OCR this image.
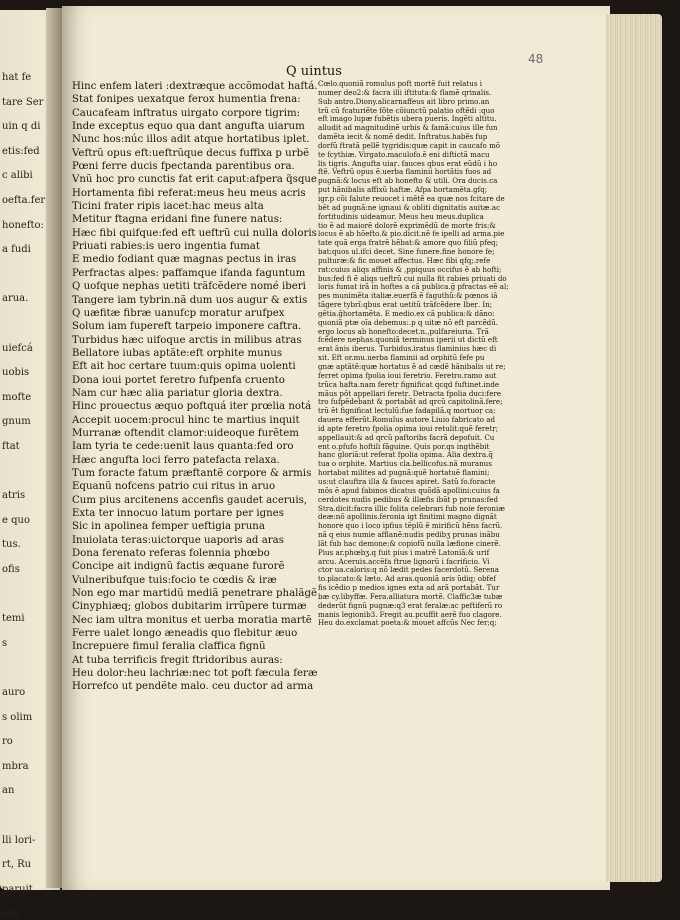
hat fe
tare Ser
uin q di
etis:fed
c alibi
oefta.fer
honefto:
a fudi
arua.
uiefcá
uobis
mofte
gnum
ftat
atris
e quo
tus.
ofis
temi
s
auro
s olim
ro
mbra
an
lli lori-
rt, Ru
paruit
ulii.
48
Q uintus
Hinc enfem lateri :dextræque accõmodat haftá.
Stat fonipes uexatque ferox humentia frena:
Caucafeam inftratus uirgato corpore tigrim:
Inde exceptus equo qua dant angufta uiarum
Nunc hos:núc illos adit atque hortatibus iplet.
Veftrũ opus eft:ueftrũque decus fuffixa p urbẽ
Pœni ferre ducis fpectanda parentibus ora.
Vnũ hoc pro cunctis fat erit caput:afpera q̃sque
Hortamenta fibi referat:meus heu meus acris
Ticini frater ripis iacet:hac meus alta
Metitur ftagna eridani fine funere natus:
Hæc fibi quifque:fed eft ueftrũ cui nulla doloris
Priuati rabies:is uero ingentia fumat
E medio fodiant quæ magnas pectus in iras
Perfractas alpes: paffamque ifanda faguntum
Q uofque nephas uetiti trãfcẽdere nomé iberi
Tangere iam tybrin.nã dum uos augur & extis
Q uæfitæ fibræ uanufcp moratur arufpex
Solum iam fupereft tarpeio imponere caftra.
Turbidus hæc uifoque arctis in milibus atras
Bellatore iubas aptãte:eft orphite munus
Eft ait hoc certare tuum:quis opima uolenti
Dona ioui portet feretro fufpenfa cruento
Nam cur hæc alia pariatur gloria dextra.
Hinc prouectus æquo poftquá iter prœlia notá
Accepit uocem:procul hinc te martius inquit
Murranæ oftendit clamor:uideoque furẽtem
Iam tyria te cede:uenit laus quanta:fed oro
Hæc angufta loci ferro patefacta relaxa.
Tum foracte fatum præftantẽ corpore & armis
Equanũ nofcens patrio cui ritus in aruo
Cum pius arcitenens accenfis gaudet aceruis,
Exta ter innocuo latum portare per ignes
Sic in apolinea femper ueftigia pruna
Inuiolata teras:uictorque uaporis ad aras
Dona ferenato referas folennia phœbo
Concipe ait indignũ factis æquane furorẽ
Vulneribufque tuis:focio te cœdis & iræ
Non ego mar martidũ mediã penetrare phalãgẽ
Cinyphiæq; globos dubitarim irrũpere turmæ
Nec iam ultra monitus et uerba moratia martẽ
Ferre ualet longo æneadis quo flebitur æuo
Increpuere fimul feralia claffica fignũ
At tuba terrificis fregit ftridoribus auras:
Heu dolor:heu lachriæ:nec tot poft fæcula feræ
Horrefco ut pendẽte malo. ceu ductor ad arma
Cœlo.quoniã romulus poft mortẽ fuit relatus i
numeŗ deo2:& facra illi iftituta:& flamẽ qrinalis.
Sub antro.Diony.alicarnaffeus ait libro primo.an
trũ cũ fcaturiẽte fõte cõiunctũ palatio oftẽdi :quo
eft imago lupæ fubẽtis ubera pueris. Ingẽti altitu.
alludit ad magnitudinẽ urbis & famã:cuius ille fun
damẽta iecit & nomẽ dedit. Inftratus.habẽs fup
dorfũ ftratã pellẽ tygridis:quæ capit in caucafo mõ
te fcythiæ. Virgato.maculofo.ẽ eni diftictã macu
lis tigris. Angufta uiaŗ. fauces qbus erat eũdũ i ho
ftẽ. Veftrũ opus ẽ.uerba flaminii hortãtis fuos ad
pugnã:& locus eft ab honefto & utili. Ora ducis.ca
put hãnibalis affixũ haftæ. Afpa hortamẽta.gfq;
igr.p cõi falute reuocet i mẽtẽ ea quæ nos fcitare de
bẽt ad pugnã:ne ignaui & obliti dignitatis auitæ.ac
fortitudinis uideamur. Meus heu meus.duplica
tio ẽ ad maiorẽ dolorẽ exprimẽdũ de morte fris:&
locus ẽ ab hõefto.& pio.dicit.nẽ fe ipelli ad arma.pie
tate quã erga fratrẽ hẽbat:& amore quo filiũ pfeq;
bat:quos ul.ifci decet. Sine funere.fine honore fe;
pulturæ:& fic mouet affectus. Hæc fibi qfq;.refe
rat:cuius aliqs affinis & ,ppiquus occifus ẽ ab hofti;
bus:fed fi ẽ aliqs ueftrũ cui nulla fit rabies priuati do
loris fumat irã in hoftes a cã publica.ḡ pfractas eẽ al;
pes munimẽta italiæ.euerfã ẽ faguthũ:& pœnos iã
tãgere tybrĩ:qbus erat uetitũ trãfcẽdere Ibeŗ. In;
gẽtia.ĝhortamẽta. E medio.ex cã publica:& dãno:
quoniã ptæ oĩa debemus:.p q uitæ nõ eft parcẽdũ.
ergo locus ab honefto:decet.n.,pulfareiuria. Trã
fcẽdere nephas.quoniã terminus iperii ut dictũ eft
erat ãnis iberus. Turbidus.iratus flaminius hæc di
xit. Eft or.mu.uerba flaminii ad orphitũ fefe pu
gnæ aptãtẽ:quæ hortatus ẽ ad cædẽ hãnibalis ut re;
ferret opima fpolia ioui feretrio. Feretro.ramo aut
trũca hafta.nam feretŗ fignificat qcqd fuftinet.inde
mãus põt appellari feretŗ. Detracta fpolia duci:fere
tro fufpẽdebant & portabãt ad qrcũ capitolinã.fere;
trũ ẽt fignificat lectulũ:fue fadapilã.q mortuoŗ ca;
dauera efferũt.Romulus autore Liuio fabricato ad
id apte feretro fpolia opima ioui retulit:quẽ feretŗ;
appellauit:& ad qrcũ paftoribs facrã depofuit. Cu
ent o.pfufo hoftili fãguine. Quis por.qs ingthẽbit
hanc gloriã:ut referat fpolia opima. Alia dextra.q̃
tua o orphite. Martius cla.bellicofus.nã muranus
hortabat milites ad pugnã:quẽ hortatuẽ flamini;
us:ut clauftra illa & fauces apiret. Satũ fo.foracte
mõs ẽ apud fabinos dicatus quõdã apollini:cuius fa
cerdotes nudis pedibus & illæfis ibãt p prunas:fed
Stra.dicit:facra illic folita celebrari fub noie feroniæ
deæ:nõ apollinis.feronia igt finitimi magno dignãt
honore quo i loco ipfius tẽplũ ẽ mirificũ hẽns facrũ.
nã q eius numie afflanẽ:nudis pedibʒ prunas inãbu
lãt fub hac demone:& copiofũ nulla læfione cinerẽ.
Pius ar.phœbʒ.q fuit pius i matrẽ Latoniã:& urif
arcu. Aceruis.accẽfa ftrue lignorũ i facrificio. Vi
ctor ua.caloris:q nõ lædit pedes facerdotũ. Serena
to.placato:& læto. Ad aras.quoniã aris ũdiq; obfef
fis icẽdio p medios ignes exta ad arã portabãt. Tur
bæ cy.libyffæ. Fera.alliatura mortẽ. Claffic3æ tubæ
dederũt fignũ pugnæ:q3 erat feralæ:ac peftiferũ ro
manis legionib3. Fregit au.pcuffit aerẽ fuo clagore.
Heu do.exclamat poeta:& mouet affcũs Nec fer;q;
